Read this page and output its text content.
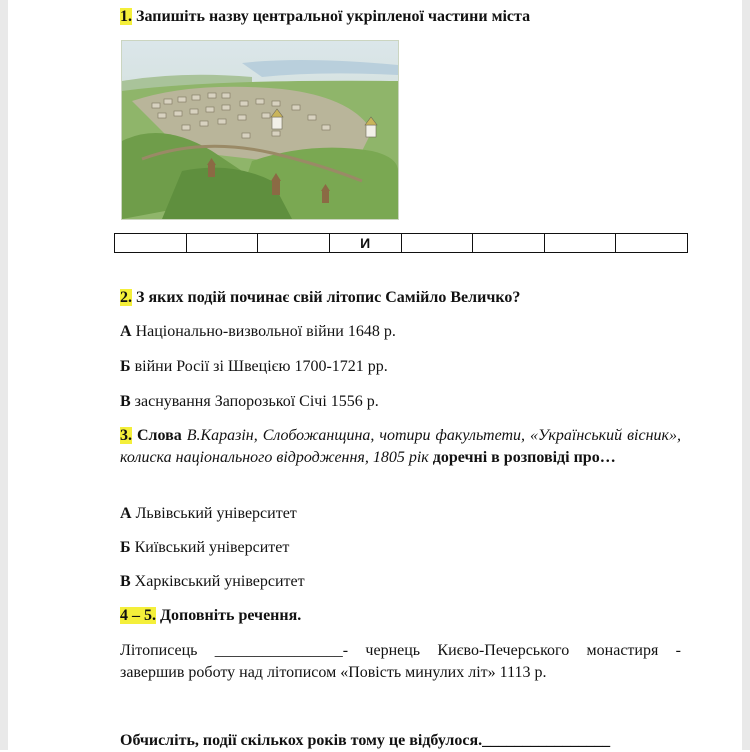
1. Запишіть назву центральної укріпленої частини міста
			И				
2. З яких подій починає свій літопис Самійло Величко?
А Національно-визвольної війни 1648 р.
Б війни Росії зі Швецією 1700-1721 рр.
В заснування Запорозької Січі 1556 р.
3. Слова В.Каразін, Слобожанщина, чотири факультети, «Український вісник», колиска національного відродження, 1805 рік доречні в розповіді про…
А Львівський університет
Б Київський університет
В Харківський університет
4 – 5. Доповніть речення.
Літописець ________________- чернець Києво-Печерського монастиря - завершив роботу над літописом «Повість минулих літ» 1113 р.
Обчисліть, події скількох років тому це відбулося.________________
